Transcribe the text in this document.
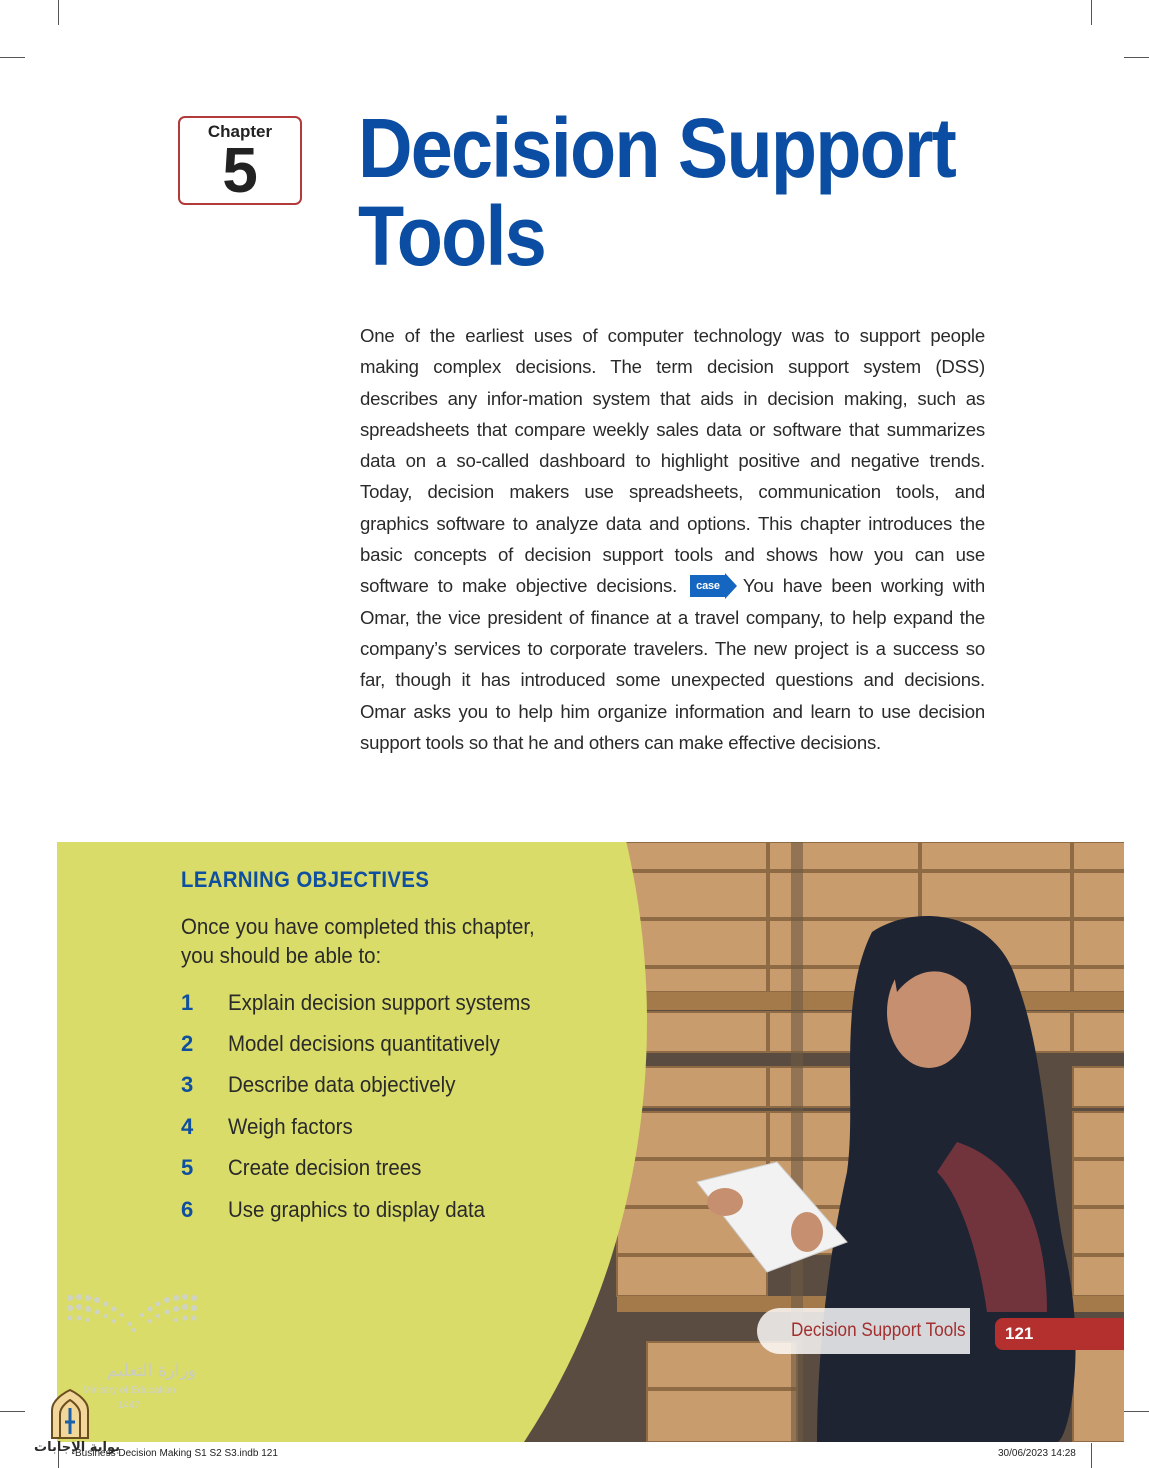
Chapter
5	Decision Support
Tools

One of the earliest uses of computer technology was to support people making complex decisions. The term decision support system (DSS) describes any infor-mation system that aids in decision making, such as spreadsheets that compare weekly sales data or software that summarizes data on a so-called dashboard to highlight positive and negative trends. Today, decision makers use spreadsheets, communication tools, and graphics software to analyze data and options. This chapter introduces the basic concepts of decision support tools and shows how you can use software to make objective decisions.	case	You have been working with Omar, the vice president of finance at a travel company, to help expand the company’s services to corporate travelers. The new project is a success so far, though it has introduced some unexpected questions and decisions. Omar asks you to help him organize information and learn to use decision support tools so that he and others can make effective decisions.

LEARNING OBJECTIVES

Once you have completed this chapter, you should be able to:

1	Explain decision support systems
2	Model decisions quantitatively
3	Describe data objectively
4	Weigh factors
5	Create decision trees
6	Use graphics to display data
Decision Support Tools 121
وزارة التعليم
Ministry of Education
1447
بوابة الإجابات
Business Decision Making S1 S2 S3.indb 121	30/06/2023 14:28
